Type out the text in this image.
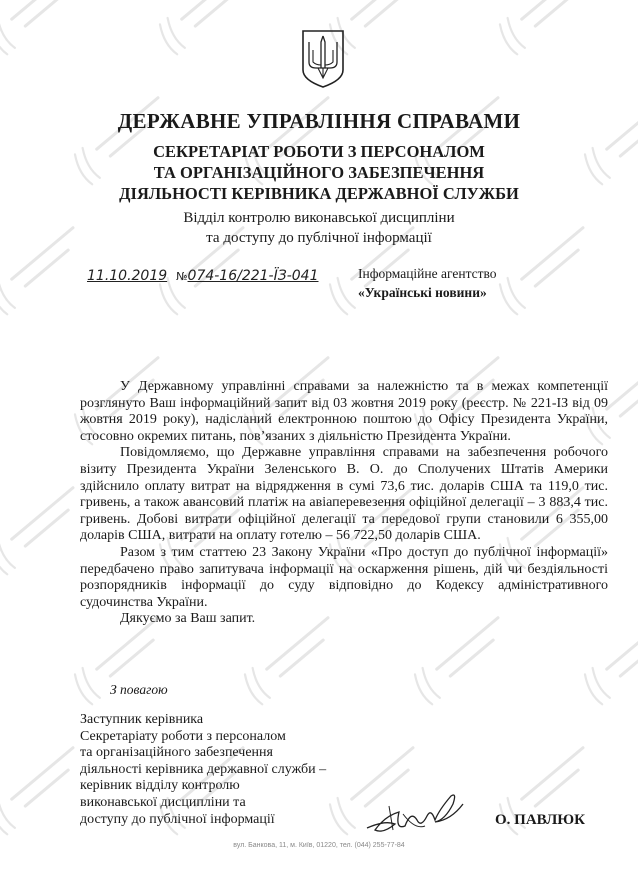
ДЕРЖАВНЕ УПРАВЛІННЯ СПРАВАМИ
СЕКРЕТАРІАТ РОБОТИ З ПЕРСОНАЛОМ
ТА ОРГАНІЗАЦІЙНОГО ЗАБЕЗПЕЧЕННЯ
ДІЯЛЬНОСТІ КЕРІВНИКА ДЕРЖАВНОЇ СЛУЖБИ
Відділ контролю виконавської дисципліни
та доступу до публічної інформації
11.10.2019 №074-16/221-ЇЗ-041	Інформаційне агентство
«Українські новини»

У Державному управлінні справами за належністю та в межах компетенції розглянуто Ваш інформаційний запит від 03 жовтня 2019 року (реєстр. № 221-ІЗ від 09 жовтня 2019 року), надісланий електронною поштою до Офісу Президента України, стосовно окремих питань, пов’язаних з діяльністю Президента України.

Повідомляємо, що Державне управління справами на забезпечення робочого візиту Президента України Зеленського В. О. до Сполучених Штатів Америки здійснило оплату витрат на відрядження в сумі 73,6 тис. доларів США та 119,0 тис. гривень, а також авансовий платіж на авіаперевезення офіційної делегації – 3 883,4 тис. гривень. Добові витрати офіційної делегації та передової групи становили 6 355,00 доларів США, витрати на оплату готелю – 56 722,50 доларів США.

Разом з тим статтею 23 Закону України «Про доступ до публічної інформації» передбачено право запитувача інформації на оскарження рішень, дій чи бездіяльності розпорядників інформації до суду відповідно до Кодексу адміністративного судочинства України.

Дякуємо за Ваш запит.

З повагою
Заступник керівника
Секретаріату роботи з персоналом
та організаційного забезпечення
діяльності керівника державної служби –
керівник відділу контролю
виконавської дисципліни та
доступу до публічної інформації	О. ПАВЛЮК
вул. Банкова, 11, м. Київ, 01220, тел. (044) 255-77-84
